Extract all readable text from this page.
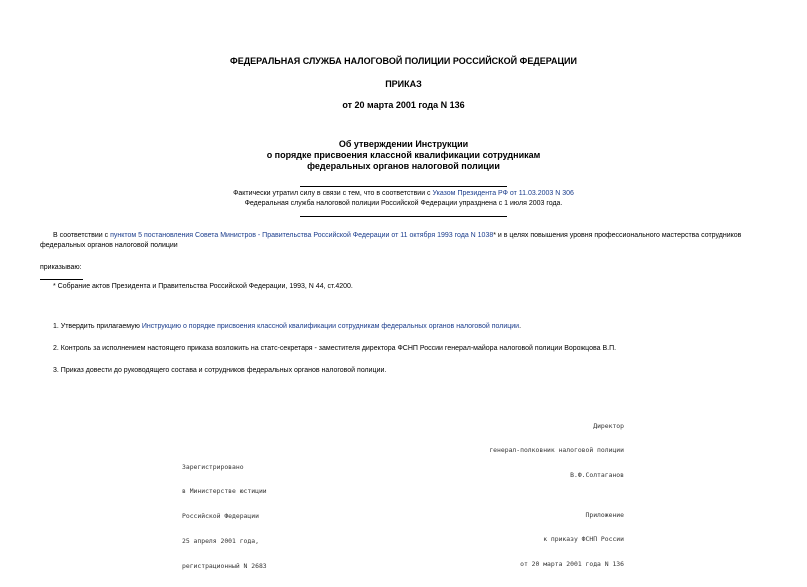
ФЕДЕРАЛЬНАЯ СЛУЖБА НАЛОГОВОЙ ПОЛИЦИИ РОССИЙСКОЙ ФЕДЕРАЦИИ
ПРИКАЗ
от 20 марта 2001 года N 136
Об утверждении Инструкции
о порядке присвоения классной квалификации сотрудникам
федеральных органов налоговой полиции
Фактически утратил силу в связи с тем, что в соответствии с Указом Президента РФ от 11.03.2003 N 306
Федеральная служба налоговой полиции Российской Федерации упразднена с 1 июля 2003 года.
В соответствии с пунктом 5 постановления Совета Министров - Правительства Российской Федерации от 11 октября 1993 года N 1038* и в целях повышения уровня профессионального мастерства сотрудников
федеральных органов налоговой полиции
приказываю:
* Собрание актов Президента и Правительства Российской Федерации, 1993, N 44, ст.4200.
1. Утвердить прилагаемую Инструкцию о порядке присвоения классной квалификации сотрудникам федеральных органов налоговой полиции.
2. Контроль за исполнением настоящего приказа возложить на статс-секретаря - заместителя директора ФСНП России генерал-майора налоговой полиции Ворожцова В.П.
3. Приказ довести до руководящего состава и сотрудников федеральных органов налоговой полиции.

Директор

генерал-полковник налоговой полиции

В.Ф.Солтаганов

Зарегистрировано

в Министерстве юстиции

Российской Федерации

25 апреля 2001 года,

регистрационный N 2683

Приложение

к приказу ФСНП России

от 20 марта 2001 года N 136
